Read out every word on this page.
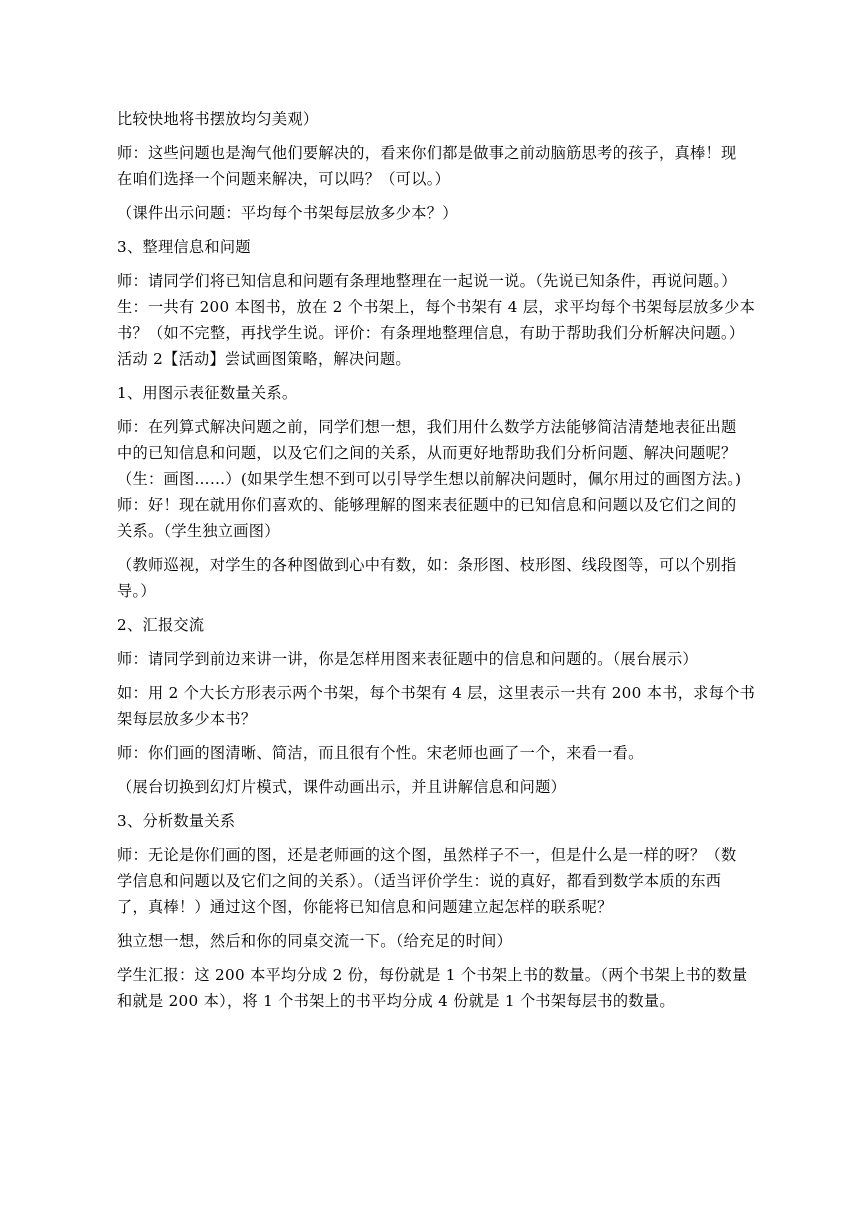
比较快地将书摆放均匀美观）
师：这些问题也是淘气他们要解决的，看来你们都是做事之前动脑筋思考的孩子，真棒！现
在咱们选择一个问题来解决，可以吗？（可以。）
（课件出示问题：平均每个书架每层放多少本？）
3、整理信息和问题
师：请同学们将已知信息和问题有条理地整理在一起说一说。（先说已知条件，再说问题。）
生：一共有 200 本图书，放在 2 个书架上，每个书架有 4 层，求平均每个书架每层放多少本
书？（如不完整，再找学生说。评价：有条理地整理信息，有助于帮助我们分析解决问题。）
活动 2【活动】尝试画图策略，解决问题。
1、用图示表征数量关系。
师：在列算式解决问题之前，同学们想一想，我们用什么数学方法能够简洁清楚地表征出题
中的已知信息和问题，以及它们之间的关系，从而更好地帮助我们分析问题、解决问题呢？
（生：画图……）(如果学生想不到可以引导学生想以前解决问题时，佩尔用过的画图方法。)
师：好！现在就用你们喜欢的、能够理解的图来表征题中的已知信息和问题以及它们之间的
关系。（学生独立画图）
（教师巡视，对学生的各种图做到心中有数，如：条形图、枝形图、线段图等，可以个别指
导。）
2、汇报交流
师：请同学到前边来讲一讲，你是怎样用图来表征题中的信息和问题的。（展台展示）
如：用 2 个大长方形表示两个书架，每个书架有 4 层，这里表示一共有 200 本书，求每个书
架每层放多少本书？
师：你们画的图清晰、简洁，而且很有个性。宋老师也画了一个，来看一看。
（展台切换到幻灯片模式，课件动画出示，并且讲解信息和问题）
3、分析数量关系
师：无论是你们画的图，还是老师画的这个图，虽然样子不一，但是什么是一样的呀？（数
学信息和问题以及它们之间的关系）。（适当评价学生：说的真好，都看到数学本质的东西
了，真棒！）通过这个图，你能将已知信息和问题建立起怎样的联系呢？
独立想一想，然后和你的同桌交流一下。（给充足的时间）
学生汇报：这 200 本平均分成 2 份，每份就是 1 个书架上书的数量。（两个书架上书的数量
和就是 200 本），将 1 个书架上的书平均分成 4 份就是 1 个书架每层书的数量。
